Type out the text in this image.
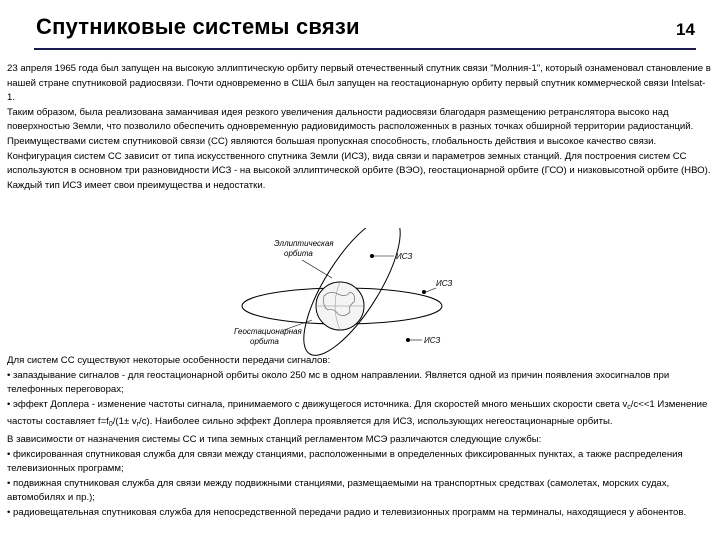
Спутниковые системы связи	14

23 апреля 1965 года был запущен на высокую эллиптическую орбиту первый отечественный спутник связи "Молния-1", который ознаменовал становление в нашей стране спутниковой радиосвязи. Почти одновременно в США был запущен на геостационарную орбиту первый спутник коммерческой связи Intelsat-1.

Таким образом, была реализована заманчивая идея резкого увеличения дальности радиосвязи благодаря размещению ретранслятора высоко над поверхностью Земли, что позволило обеспечить одновременную радиовидимость расположенных в разных точках обширной территории радиостанций.

Преимуществами систем спутниковой связи (СС) являются большая пропускная способность, глобальность действия и высокое качество связи.

Конфигурация систем СС зависит от типа искусственного спутника Земли (ИСЗ), вида связи и параметров земных станций. Для построения систем СС используются в основном три разновидности ИСЗ - на высокой эллиптической орбите (ВЭО), геостационарной орбите (ГСО) и низковысотной орбите (НВО). Каждый тип ИСЗ имеет свои преимущества и недостатки.

Эллиптическая
орбита
Геостационарная
орбита
ИСЗ
ИСЗ
ИСЗ

Для систем СС существуют некоторые особенности передачи сигналов:

• запаздывание сигналов - для геостационарной орбиты около 250 мс в одном направлении. Является одной из причин появления эхосигналов при телефонных переговорах;

• эффект Доплера - изменение частоты сигнала, принимаемого с движущегося источника. Для скоростей много меньших скорости света $v_c/c<<1$ Изменение частоты составляет $f=f_0/(1\pm v_r/c)$. Наиболее сильно эффект Доплера проявляется для ИСЗ, использующих негеостационарные орбиты.

В зависимости от назначения системы СС и типа земных станций регламентом МСЭ различаются следующие службы:

• фиксированная спутниковая служба для связи между станциями, расположенными в определенных фиксированных пунктах, а также распределения телевизионных программ;

• подвижная спутниковая служба для связи между подвижными станциями, размещаемыми на транспортных средствах (самолетах, морских судах, автомобилях и пр.);

• радиовещательная спутниковая служба для непосредственной передачи радио и телевизионных программ на терминалы, находящиеся у абонентов.
